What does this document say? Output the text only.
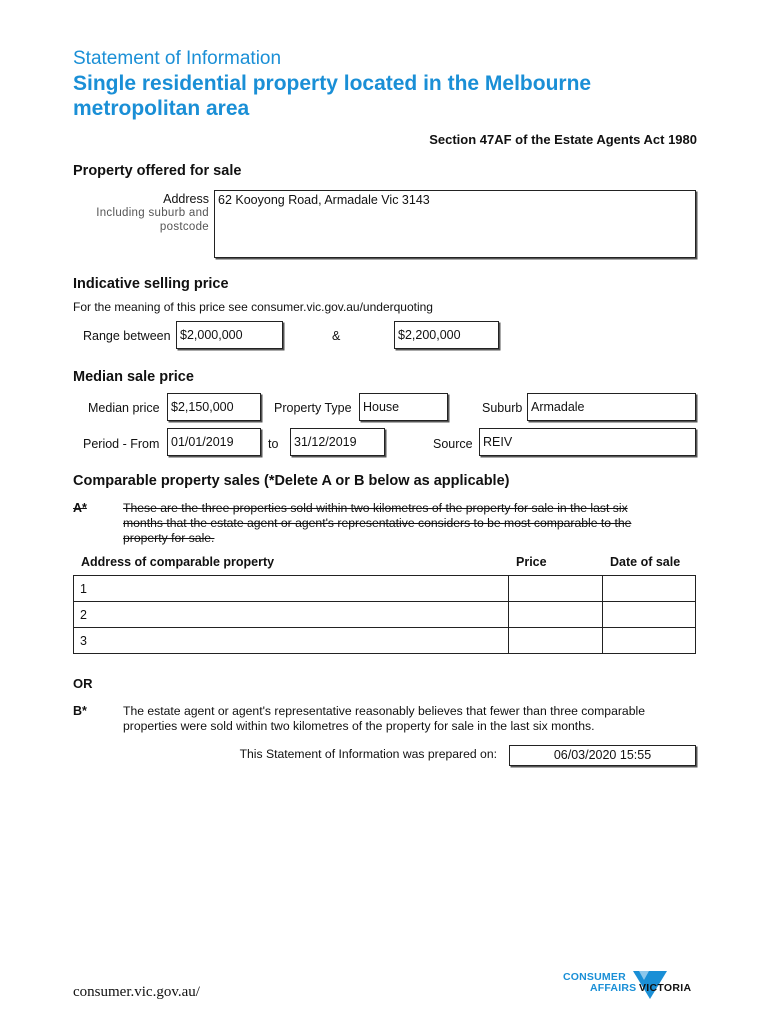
Statement of Information
Single residential property located in the Melbourne
metropolitan area
Section 47AF of the Estate Agents Act 1980
Property offered for sale
Address
Including suburb and
postcode
62 Kooyong Road, Armadale Vic 3143
Indicative selling price
For the meaning of this price see consumer.vic.gov.au/underquoting
Range between $2,000,000	&	$2,200,000
Median sale price
Median price $2,150,000	Property Type House	Suburb Armadale
Period - From 01/01/2019	to	31/12/2019	Source REIV
Comparable property sales (*Delete A or B below as applicable)
A*	These are the three properties sold within two kilometres of the property for sale in the last six
months that the estate agent or agent's representative considers to be most comparable to the
property for sale.
Address of comparable property	Price	Date of sale
1		
2		
3		
OR
B*	The estate agent or agent's representative reasonably believes that fewer than three comparable
properties were sold within two kilometres of the property for sale in the last six months.
This Statement of Information was prepared on:	06/03/2020 15:55
consumer.vic.gov.au/
CONSUMER
AFFAIRS VICTORIA
